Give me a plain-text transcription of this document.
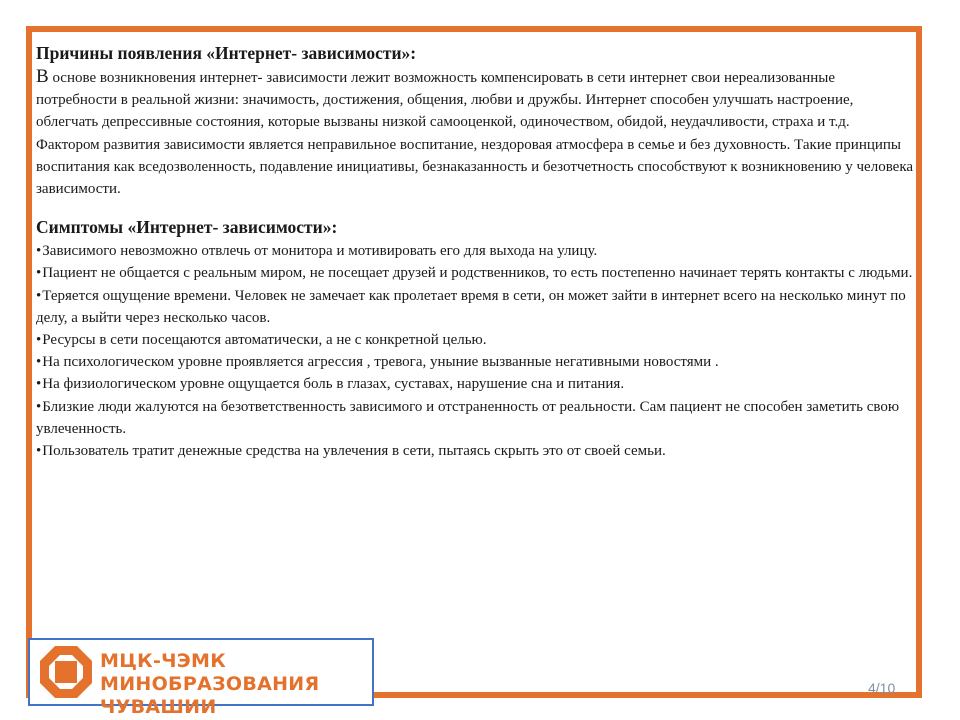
Причины появления «Интернет- зависимости»:

В основе возникновения интернет- зависимости лежит возможность компенсировать в сети интернет свои нереализованные потребности в реальной жизни: значимость, достижения, общения, любви и дружбы. Интернет способен улучшать настроение, облегчать депрессивные состояния, которые вызваны низкой самооценкой, одиночеством, обидой, неудачливости, страха и т.д. Фактором развития зависимости является неправильное воспитание, нездоровая атмосфера в семье и без духовность. Такие принципы воспитания как вседозволенность, подавление инициативы, безнаказанность и безотчетность способствуют к возникновению у человека зависимости.

Симптомы «Интернет- зависимости»:
•Зависимого невозможно отвлечь от монитора и мотивировать его для выхода на улицу.
•Пациент не общается с реальным миром, не посещает друзей и родственников, то есть постепенно начинает терять контакты с людьми.
•Теряется ощущение времени. Человек не замечает как пролетает время в сети, он может зайти в интернет всего на несколько минут по делу, а выйти через несколько часов.
•Ресурсы в сети посещаются автоматически, а не с конкретной целью.
•На психологическом уровне проявляется агрессия , тревога, уныние вызванные негативными новостями .
•На физиологическом уровне ощущается боль в глазах, суставах, нарушение сна и питания.
•Близкие люди жалуются на безответственность зависимого и отстраненность от реальности. Сам пациент не способен заметить свою увлеченность.
•Пользователь тратит денежные средства на увлечения в сети, пытаясь скрыть это от своей семьи.
МЦК-ЧЭМК
МИНОБРАЗОВАНИЯ ЧУВАШИИ
4/10
